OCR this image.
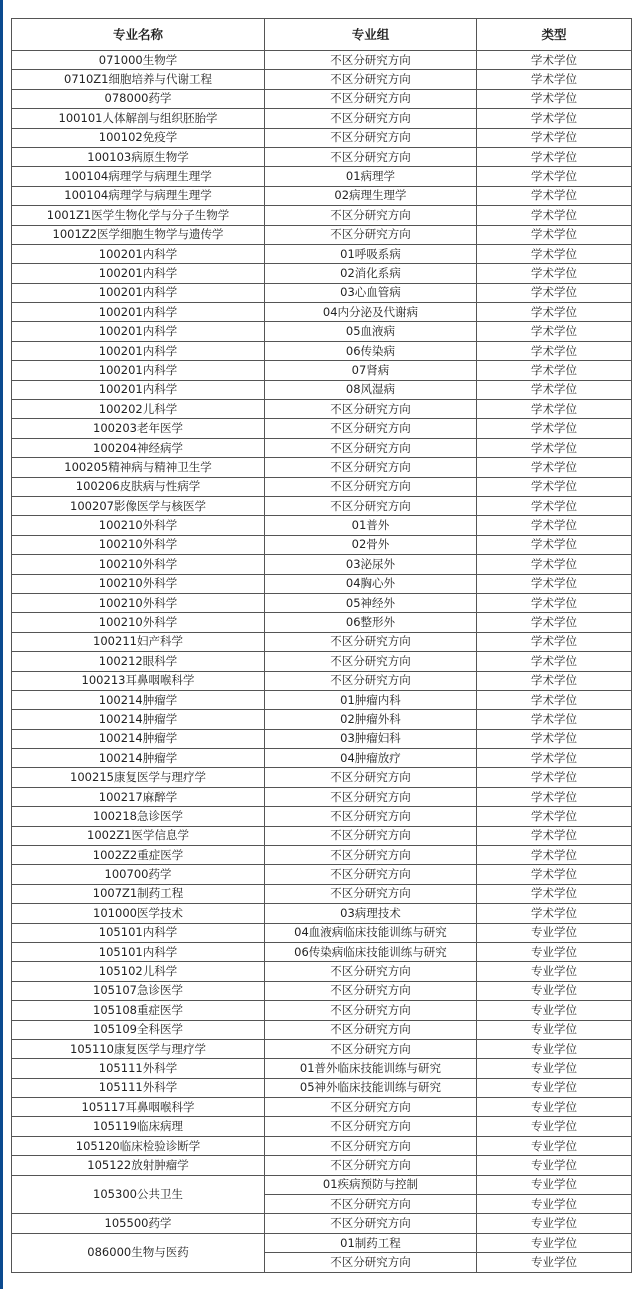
专业名称	专业组	类型
071000生物学	不区分研究方向	学术学位
0710Z1细胞培养与代谢工程	不区分研究方向	学术学位
078000药学	不区分研究方向	学术学位
100101人体解剖与组织胚胎学	不区分研究方向	学术学位
100102免疫学	不区分研究方向	学术学位
100103病原生物学	不区分研究方向	学术学位
100104病理学与病理生理学	01病理学	学术学位
100104病理学与病理生理学	02病理生理学	学术学位
1001Z1医学生物化学与分子生物学	不区分研究方向	学术学位
1001Z2医学细胞生物学与遗传学	不区分研究方向	学术学位
100201内科学	01呼吸系病	学术学位
100201内科学	02消化系病	学术学位
100201内科学	03心血管病	学术学位
100201内科学	04内分泌及代谢病	学术学位
100201内科学	05血液病	学术学位
100201内科学	06传染病	学术学位
100201内科学	07肾病	学术学位
100201内科学	08风湿病	学术学位
100202儿科学	不区分研究方向	学术学位
100203老年医学	不区分研究方向	学术学位
100204神经病学	不区分研究方向	学术学位
100205精神病与精神卫生学	不区分研究方向	学术学位
100206皮肤病与性病学	不区分研究方向	学术学位
100207影像医学与核医学	不区分研究方向	学术学位
100210外科学	01普外	学术学位
100210外科学	02骨外	学术学位
100210外科学	03泌尿外	学术学位
100210外科学	04胸心外	学术学位
100210外科学	05神经外	学术学位
100210外科学	06整形外	学术学位
100211妇产科学	不区分研究方向	学术学位
100212眼科学	不区分研究方向	学术学位
100213耳鼻咽喉科学	不区分研究方向	学术学位
100214肿瘤学	01肿瘤内科	学术学位
100214肿瘤学	02肿瘤外科	学术学位
100214肿瘤学	03肿瘤妇科	学术学位
100214肿瘤学	04肿瘤放疗	学术学位
100215康复医学与理疗学	不区分研究方向	学术学位
100217麻醉学	不区分研究方向	学术学位
100218急诊医学	不区分研究方向	学术学位
1002Z1医学信息学	不区分研究方向	学术学位
1002Z2重症医学	不区分研究方向	学术学位
100700药学	不区分研究方向	学术学位
1007Z1制药工程	不区分研究方向	学术学位
101000医学技术	03病理技术	学术学位
105101内科学	04血液病临床技能训练与研究	专业学位
105101内科学	06传染病临床技能训练与研究	专业学位
105102儿科学	不区分研究方向	专业学位
105107急诊医学	不区分研究方向	专业学位
105108重症医学	不区分研究方向	专业学位
105109全科医学	不区分研究方向	专业学位
105110康复医学与理疗学	不区分研究方向	专业学位
105111外科学	01普外临床技能训练与研究	专业学位
105111外科学	05神外临床技能训练与研究	专业学位
105117耳鼻咽喉科学	不区分研究方向	专业学位
105119临床病理	不区分研究方向	专业学位
105120临床检验诊断学	不区分研究方向	专业学位
105122放射肿瘤学	不区分研究方向	专业学位
105300公共卫生	01疾病预防与控制	专业学位
	不区分研究方向	专业学位
105500药学	不区分研究方向	专业学位
086000生物与医药	01制药工程	专业学位
	不区分研究方向	专业学位
